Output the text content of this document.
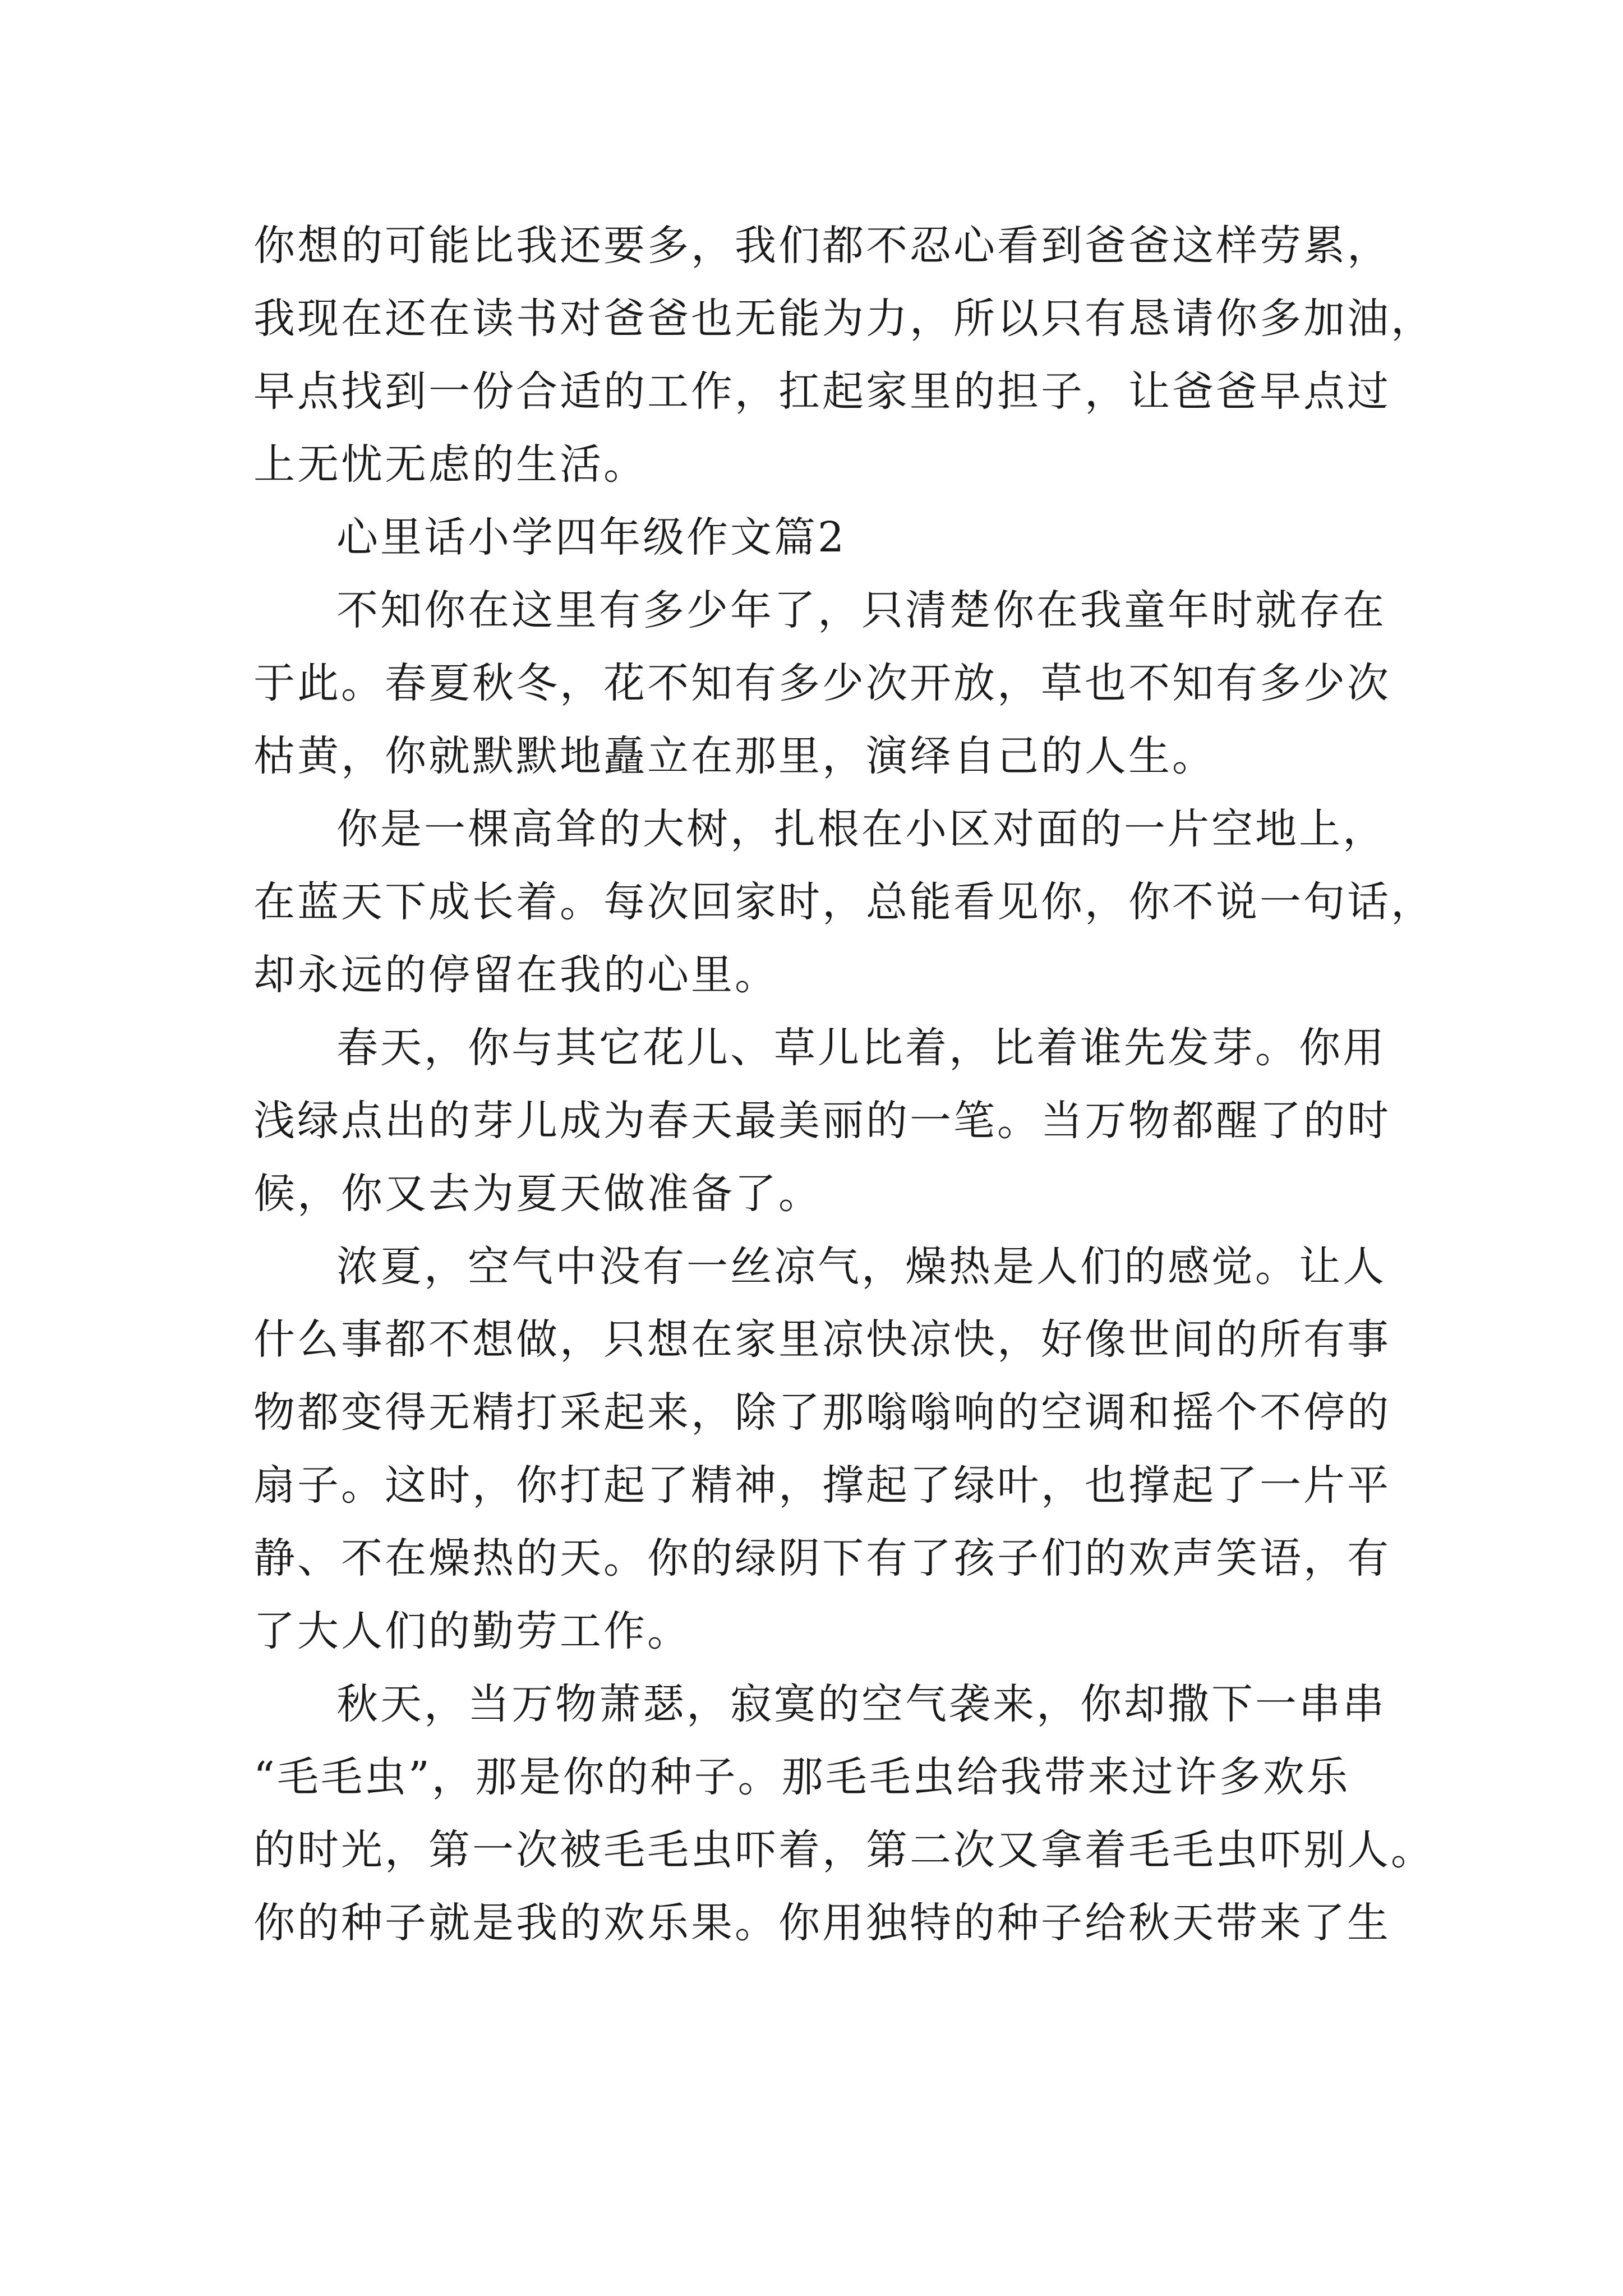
你想的可能比我还要多，我们都不忍心看到爸爸这样劳累，
我现在还在读书对爸爸也无能为力，所以只有恳请你多加油，
早点找到一份合适的工作，扛起家里的担子，让爸爸早点过
上无忧无虑的生活。
心里话小学四年级作文篇2
不知你在这里有多少年了，只清楚你在我童年时就存在
于此。春夏秋冬，花不知有多少次开放，草也不知有多少次
枯黄，你就默默地矗立在那里，演绎自己的人生。
你是一棵高耸的大树，扎根在小区对面的一片空地上，
在蓝天下成长着。每次回家时，总能看见你，你不说一句话，
却永远的停留在我的心里。
春天，你与其它花儿、草儿比着，比着谁先发芽。你用
浅绿点出的芽儿成为春天最美丽的一笔。当万物都醒了的时
候，你又去为夏天做准备了。
浓夏，空气中没有一丝凉气，燥热是人们的感觉。让人
什么事都不想做，只想在家里凉快凉快，好像世间的所有事
物都变得无精打采起来，除了那嗡嗡响的空调和摇个不停的
扇子。这时，你打起了精神，撑起了绿叶，也撑起了一片平
静、不在燥热的天。你的绿阴下有了孩子们的欢声笑语，有
了大人们的勤劳工作。
秋天，当万物萧瑟，寂寞的空气袭来，你却撒下一串串
“毛毛虫”，那是你的种子。那毛毛虫给我带来过许多欢乐
的时光，第一次被毛毛虫吓着，第二次又拿着毛毛虫吓别人。
你的种子就是我的欢乐果。你用独特的种子给秋天带来了生
